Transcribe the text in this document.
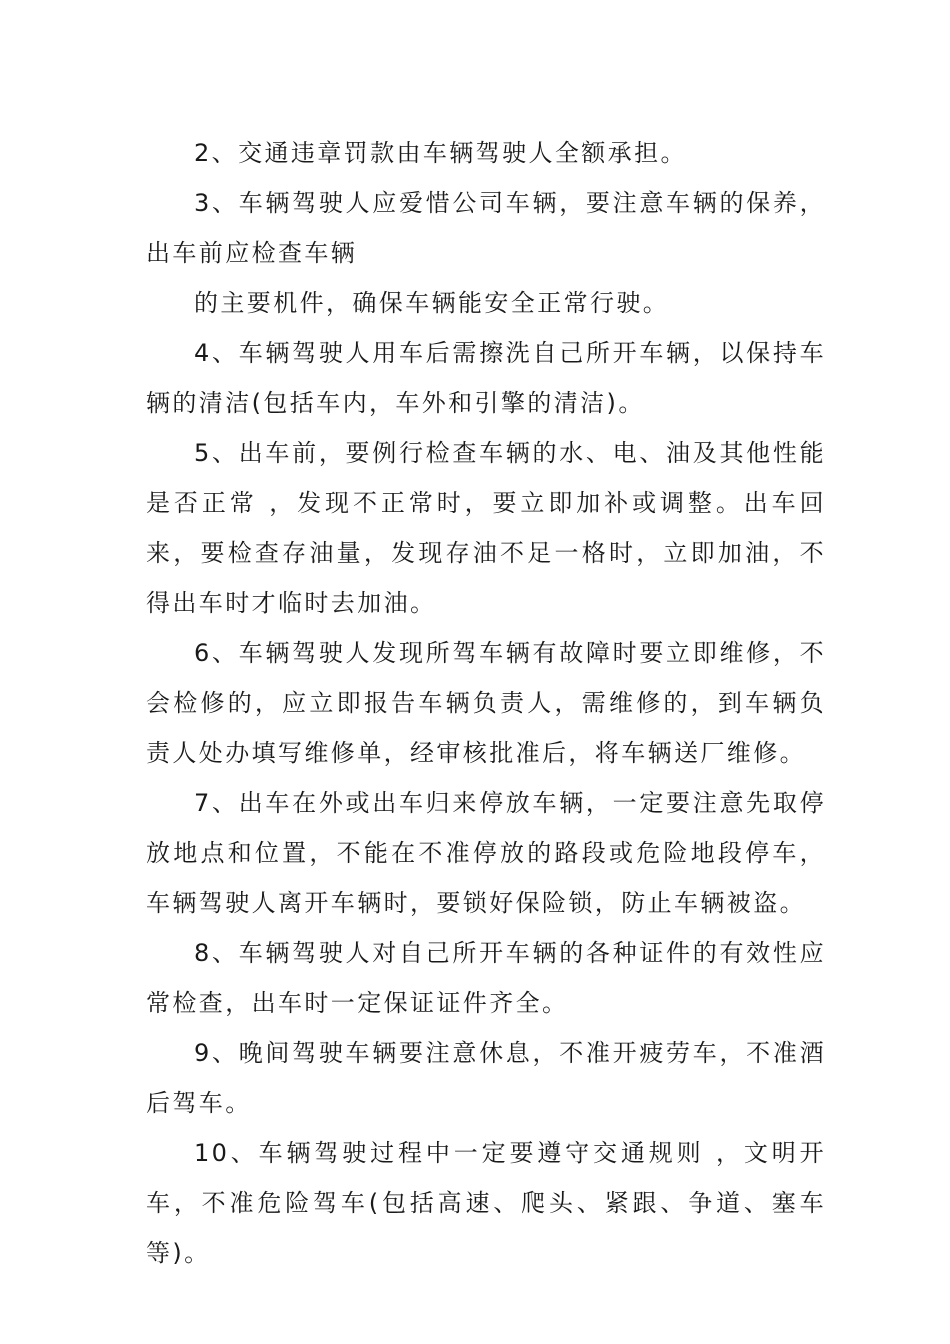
2、交通违章罚款由车辆驾驶人全额承担。

3、车辆驾驶人应爱惜公司车辆，要注意车辆的保养，出车前应检查车辆

的主要机件，确保车辆能安全正常行驶。

4、车辆驾驶人用车后需擦洗自己所开车辆，以保持车辆的清洁(包括车内，车外和引擎的清洁)。

5、出车前，要例行检查车辆的水、电、油及其他性能是否正常 ，发现不正常时，要立即加补或调整。出车回来，要检查存油量，发现存油不足一格时，立即加油，不得出车时才临时去加油。

6、车辆驾驶人发现所驾车辆有故障时要立即维修，不会检修的，应立即报告车辆负责人，需维修的，到车辆负责人处办填写维修单，经审核批准后，将车辆送厂维修。

7、出车在外或出车归来停放车辆，一定要注意先取停放地点和位置，不能在不准停放的路段或危险地段停车，车辆驾驶人离开车辆时，要锁好保险锁，防止车辆被盗。

8、车辆驾驶人对自己所开车辆的各种证件的有效性应常检查，出车时一定保证证件齐全。

9、晚间驾驶车辆要注意休息，不准开疲劳车，不准酒后驾车。

10、车辆驾驶过程中一定要遵守交通规则 ，文明开车，不准危险驾车(包括高速、爬头、紧跟、争道、塞车等)。
